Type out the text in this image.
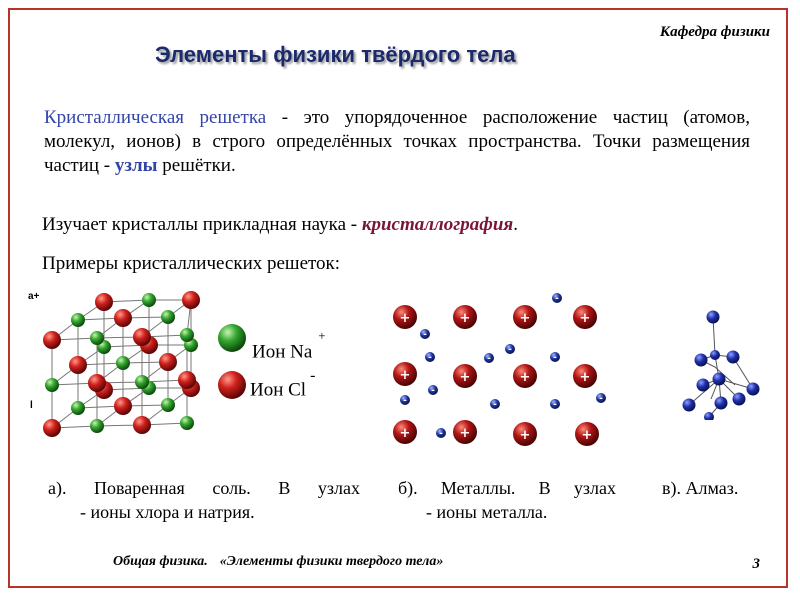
Кафедра физики
Элементы физики твёрдого тела
Кристаллическая решетка - это упорядоченное расположение частиц (атомов, молекул, ионов) в строго определённых точках пространства. Точки размещения частиц - узлы решётки.
Изучает кристаллы прикладная наука - кристаллография.
Примеры кристаллических решеток:
a+
l
Ион Na+
Ион Cl-
+	+	+	+
+	+	+	+
+	+	+	+
-
-
-
-
-	-
-
-	-	-
-
-
а). Поваренная соль. В узлах
- ионы хлора и натрия.
б). Металлы. В узлах
- ионы металла.
в). Алмаз.
Общая физика. «Элементы физики твердого тела»	3
